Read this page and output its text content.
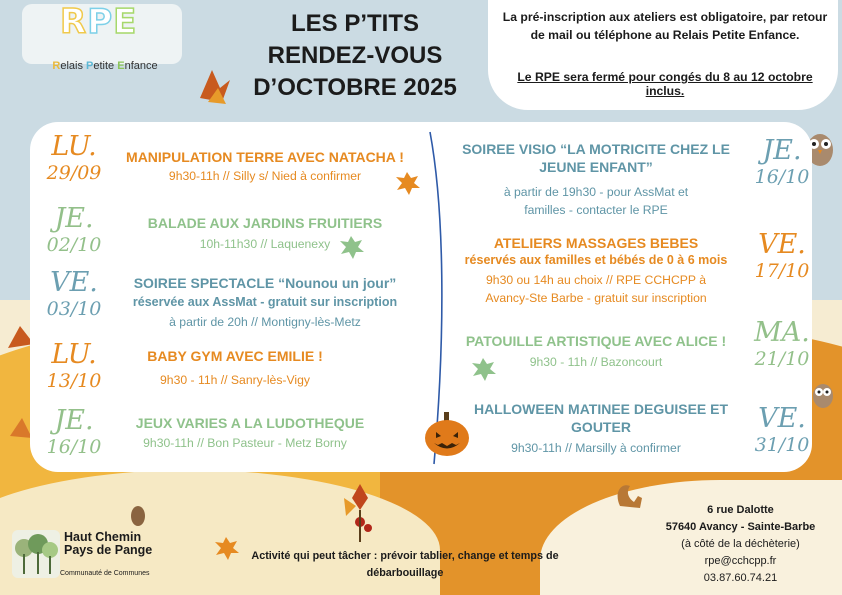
RPE
Relais Petite Enfance
LES P’TITS
RENDEZ-VOUS
D’OCTOBRE 2025
La pré-inscription aux ateliers est obligatoire, par retour de mail ou téléphone au Relais Petite Enfance.
Le RPE sera fermé pour congés du 8 au 12 octobre inclus.
LU.
29/09
MANIPULATION TERRE AVEC NATACHA !
9h30-11h // Silly s/ Nied à confirmer
JE.
02/10
BALADE AUX JARDINS FRUITIERS
10h-11h30 // Laquenexy
VE.
03/10
SOIREE SPECTACLE “Nounou un jour”
réservée aux AssMat - gratuit sur inscription
à partir de 20h // Montigny-lès-Metz
LU.
13/10
BABY GYM AVEC EMILIE !
9h30 - 11h // Sanry-lès-Vigy
JE.
16/10
JEUX VARIES A LA LUDOTHEQUE
9h30-11h // Bon Pasteur - Metz Borny
SOIREE VISIO “LA MOTRICITE CHEZ LE JEUNE ENFANT”
à partir de 19h30 - pour AssMat et
familles - contacter le RPE
JE.
16/10
ATELIERS MASSAGES BEBES
réservés aux familles et bébés de 0 à 6 mois
9h30 ou 14h au choix // RPE CCHCPP à
Avancy-Ste Barbe - gratuit sur inscription
VE.
17/10
PATOUILLE ARTISTIQUE AVEC ALICE !
9h30 - 11h // Bazoncourt
MA.
21/10
HALLOWEEN MATINEE DEGUISEE ET GOUTER
9h30-11h // Marsilly à confirmer
VE.
31/10
Activité qui peut tâcher : prévoir tablier, change et temps de débarbouillage
6 rue Dalotte
57640 Avancy - Sainte-Barbe
(à côté de la déchèterie)
rpe@cchcpp.fr
03.87.60.74.21
Haut Chemin
Pays de Pange
Communauté de Communes
